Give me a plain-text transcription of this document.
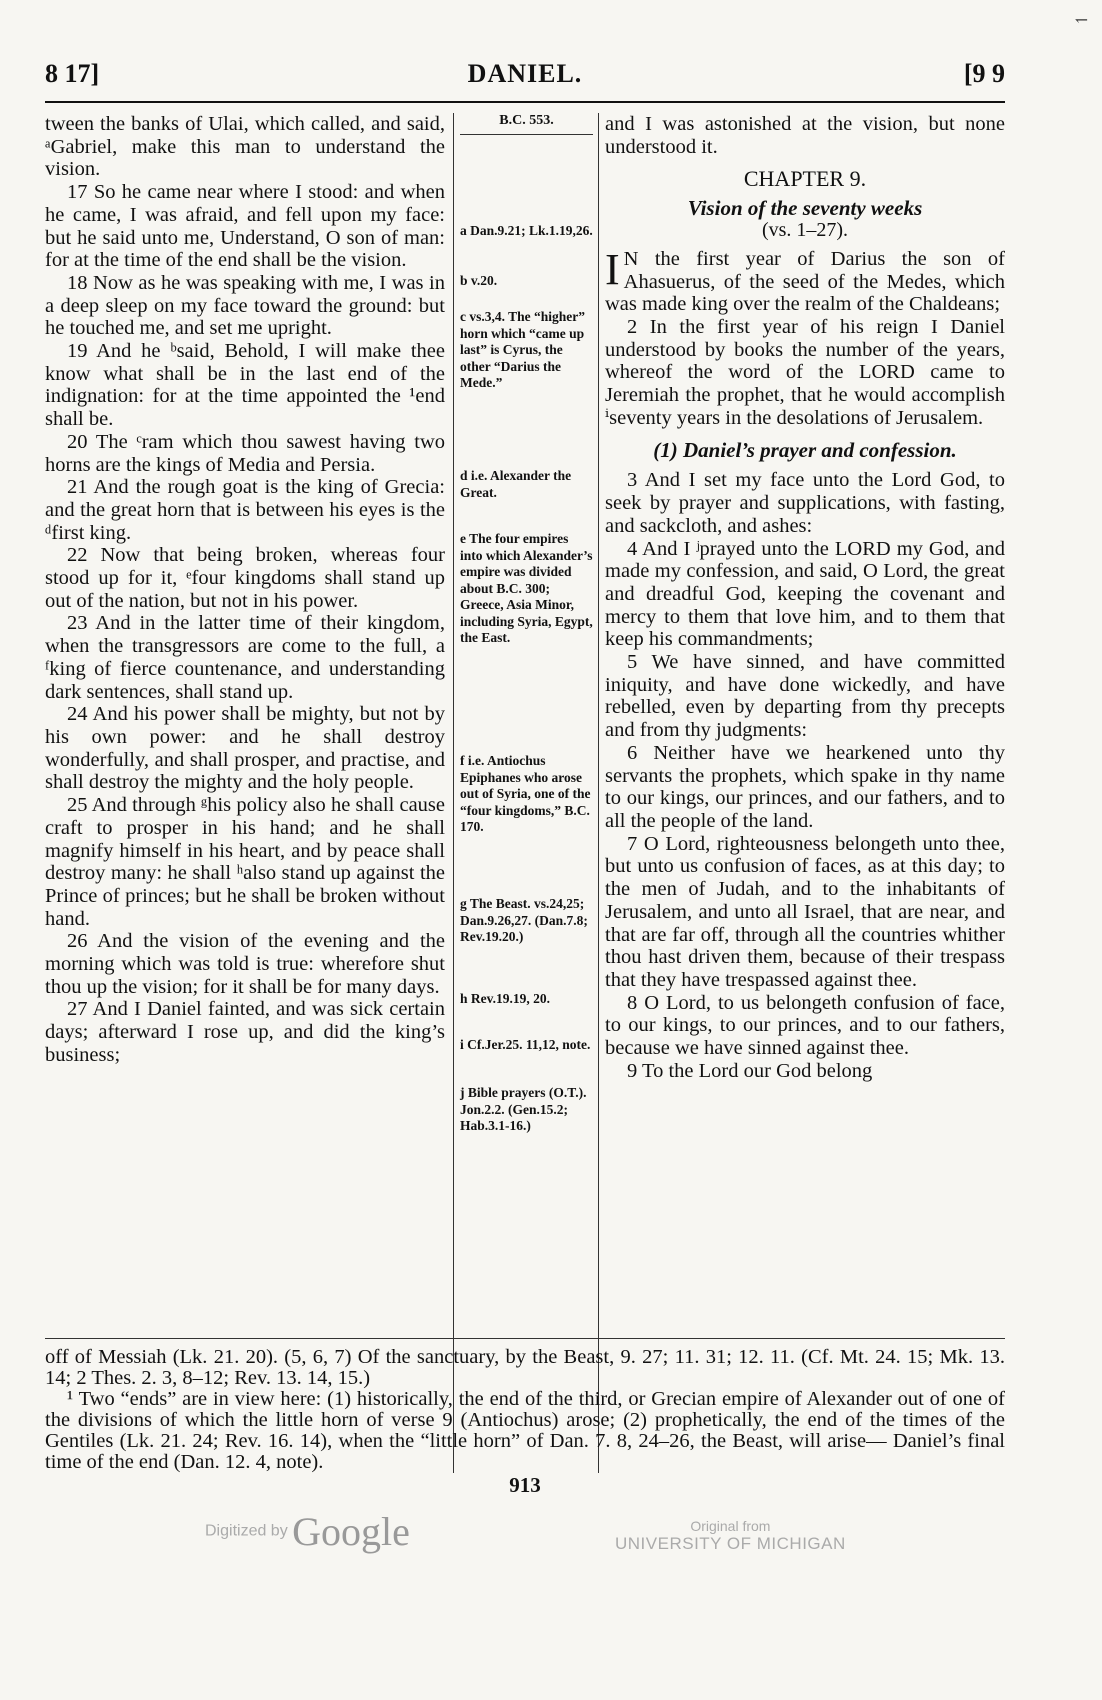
↽
8 17]	DANIEL.	[9 9

tween the banks of Ulai, which called, and said, ᵃGabriel, make this man to understand the vision.

17 So he came near where I stood: and when he came, I was afraid, and fell upon my face: but he said unto me, Understand, O son of man: for at the time of the end shall be the vision.

18 Now as he was speaking with me, I was in a deep sleep on my face toward the ground: but he touched me, and set me upright.

19 And he ᵇsaid, Behold, I will make thee know what shall be in the last end of the indignation: for at the time appointed the ¹end shall be.

20 The ᶜram which thou sawest having two horns are the kings of Media and Persia.

21 And the rough goat is the king of Grecia: and the great horn that is between his eyes is the ᵈfirst king.

22 Now that being broken, whereas four stood up for it, ᵉfour kingdoms shall stand up out of the nation, but not in his power.

23 And in the latter time of their kingdom, when the transgressors are come to the full, a ᶠking of fierce countenance, and understanding dark sentences, shall stand up.

24 And his power shall be mighty, but not by his own power: and he shall destroy wonderfully, and shall prosper, and practise, and shall destroy the mighty and the holy people.

25 And through ᵍhis policy also he shall cause craft to prosper in his hand; and he shall magnify himself in his heart, and by peace shall destroy many: he shall ʰalso stand up against the Prince of princes; but he shall be broken without hand.

26 And the vision of the evening and the morning which was told is true: wherefore shut thou up the vision; for it shall be for many days.

27 And I Daniel fainted, and was sick certain days; afterward I rose up, and did the king’s business;

B.C. 553.
a Dan.9.21; Lk.1.19,26.
b v.20.
c vs.3,4. The “higher” horn which “came up last” is Cyrus, the other “Darius the Mede.”
d i.e. Alexander the Great.
e The four empires into which Alexander’s empire was divided about B.C. 300; Greece, Asia Minor, including Syria, Egypt, the East.
f i.e. Antiochus Epiphanes who arose out of Syria, one of the “four kingdoms,” B.C. 170.
g The Beast. vs.24,25; Dan.9.26,27. (Dan.7.8; Rev.19.20.)
h Rev.19.19, 20.
i Cf.Jer.25. 11,12, note.
j Bible prayers (O.T.). Jon.2.2. (Gen.15.2; Hab.3.1-16.)

and I was astonished at the vision, but none understood it.

CHAPTER 9.
Vision of the seventy weeks
(vs. 1–27).

I N the first year of Darius the son of Ahasuerus, of the seed of the Medes, which was made king over the realm of the Chaldeans;

2 In the first year of his reign I Daniel understood by books the number of the years, whereof the word of the LORD came to Jeremiah the prophet, that he would accomplish ⁱseventy years in the desolations of Jerusalem.

(1) Daniel’s prayer and confession.

3 And I set my face unto the Lord God, to seek by prayer and supplications, with fasting, and sackcloth, and ashes:

4 And I ʲprayed unto the LORD my God, and made my confession, and said, O Lord, the great and dreadful God, keeping the covenant and mercy to them that love him, and to them that keep his commandments;

5 We have sinned, and have committed iniquity, and have done wickedly, and have rebelled, even by departing from thy precepts and from thy judgments:

6 Neither have we hearkened unto thy servants the prophets, which spake in thy name to our kings, our princes, and our fathers, and to all the people of the land.

7 O Lord, righteousness belongeth unto thee, but unto us confusion of faces, as at this day; to the men of Judah, and to the inhabitants of Jerusalem, and unto all Israel, that are near, and that are far off, through all the countries whither thou hast driven them, because of their trespass that they have trespassed against thee.

8 O Lord, to us belongeth confusion of face, to our kings, to our princes, and to our fathers, because we have sinned against thee.

9 To the Lord our God belong

off of Messiah (Lk. 21. 20). (5, 6, 7) Of the sanctuary, by the Beast, 9. 27; 11. 31; 12. 11. (Cf. Mt. 24. 15; Mk. 13. 14; 2 Thes. 2. 3, 8–12; Rev. 13. 14, 15.)

¹ Two “ends” are in view here: (1) historically, the end of the third, or Grecian empire of Alexander out of one of the divisions of which the little horn of verse 9 (Antiochus) arose; (2) prophetically, the end of the times of the Gentiles (Lk. 21. 24; Rev. 16. 14), when the “little horn” of Dan. 7. 8, 24–26, the Beast, will arise— Daniel’s final time of the end (Dan. 12. 4, note).

913
Digitized by Google	Original from
UNIVERSITY OF MICHIGAN
